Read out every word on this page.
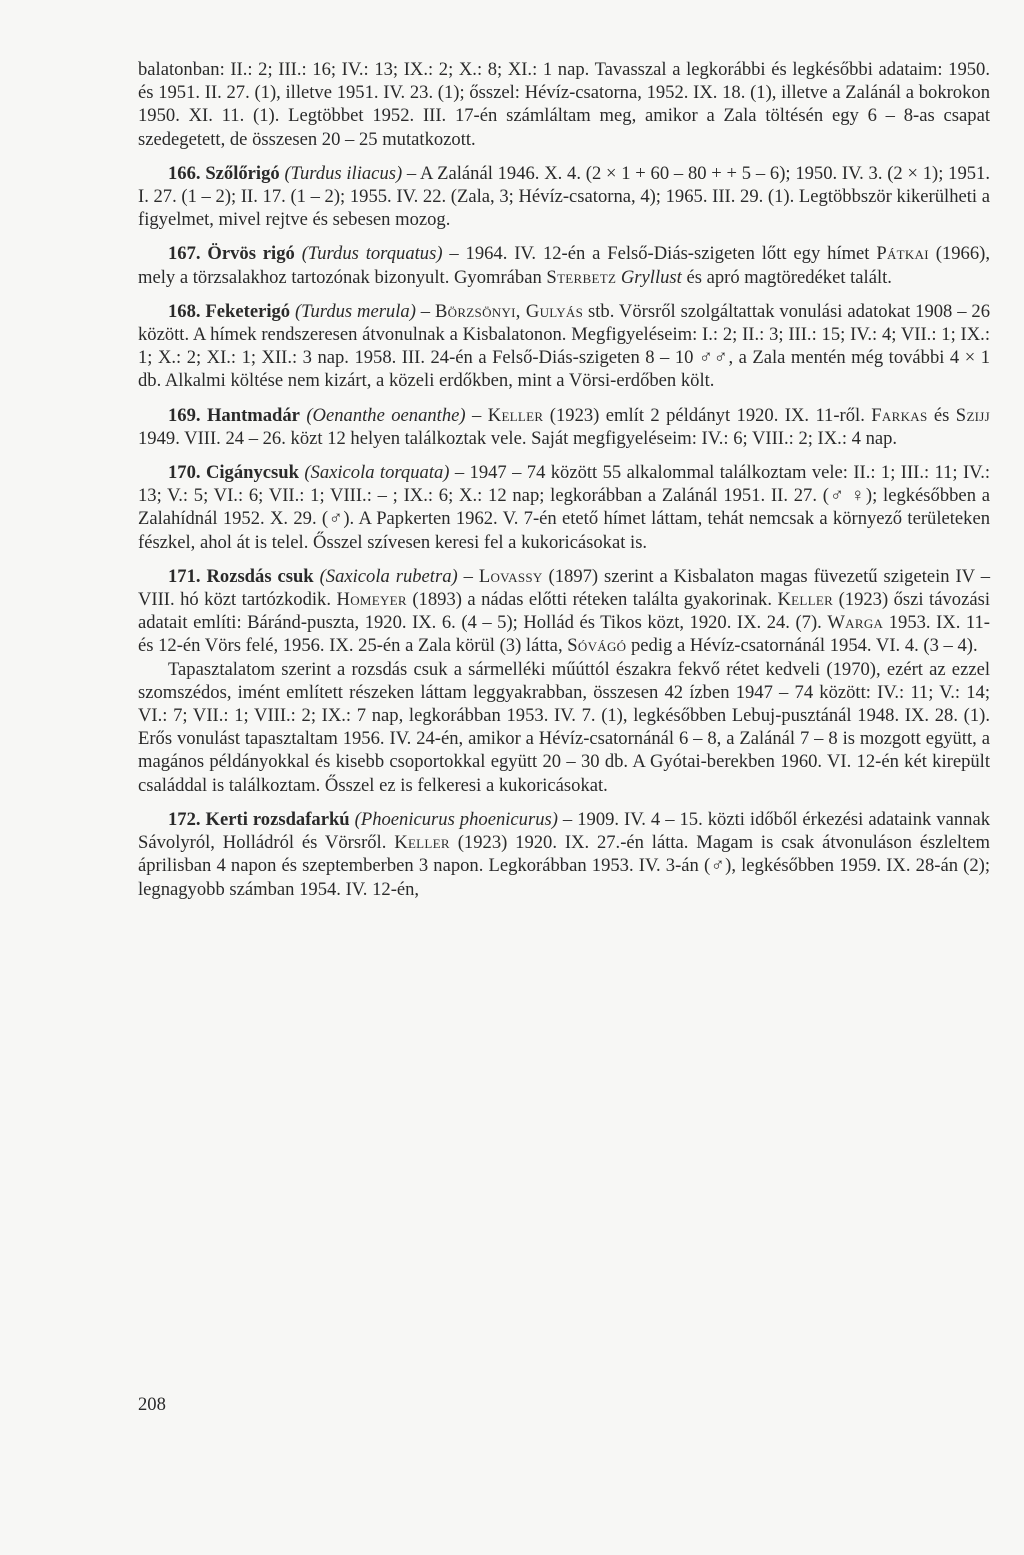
balatonban: II.: 2; III.: 16; IV.: 13; IX.: 2; X.: 8; XI.: 1 nap. Tavasszal a legkorábbi és legkésőbbi adataim: 1950. és 1951. II. 27. (1), illetve 1951. IV. 23. (1); ősszel: Hévíz-csatorna, 1952. IX. 18. (1), illetve a Zalánál a bokrokon 1950. XI. 11. (1). Legtöbbet 1952. III. 17-én számláltam meg, amikor a Zala töltésén egy 6 – 8-as csapat szedegetett, de összesen 20 – 25 mutatkozott.

166. Szőlőrigó (Turdus iliacus) – A Zalánál 1946. X. 4. (2 × 1 + 60 – 80 + + 5 – 6); 1950. IV. 3. (2 × 1); 1951. I. 27. (1 – 2); II. 17. (1 – 2); 1955. IV. 22. (Zala, 3; Hévíz-csatorna, 4); 1965. III. 29. (1). Legtöbbször kikerülheti a figyelmet, mivel rejtve és sebesen mozog.

167. Örvös rigó (Turdus torquatus) – 1964. IV. 12-én a Felső-Diás-szigeten lőtt egy hímet Pátkai (1966), mely a törzsalakhoz tartozónak bizonyult. Gyomrában Sterbetz Gryllust és apró magtöredéket talált.

168. Feketerigó (Turdus merula) – Börzsönyi, Gulyás stb. Vörsről szolgáltattak vonulási adatokat 1908 – 26 között. A hímek rendszeresen átvonulnak a Kisbalatonon. Megfigyeléseim: I.: 2; II.: 3; III.: 15; IV.: 4; VII.: 1; IX.: 1; X.: 2; XI.: 1; XII.: 3 nap. 1958. III. 24-én a Felső-Diás-szigeten 8 – 10 ♂♂, a Zala mentén még további 4 × 1 db. Alkalmi költése nem kizárt, a közeli erdőkben, mint a Vörsi-erdőben költ.

169. Hantmadár (Oenanthe oenanthe) – Keller (1923) említ 2 példányt 1920. IX. 11-ről. Farkas és Szijj 1949. VIII. 24 – 26. közt 12 helyen találkoztak vele. Saját megfigyeléseim: IV.: 6; VIII.: 2; IX.: 4 nap.

170. Cigánycsuk (Saxicola torquata) – 1947 – 74 között 55 alkalommal találkoztam vele: II.: 1; III.: 11; IV.: 13; V.: 5; VI.: 6; VII.: 1; VIII.: – ; IX.: 6; X.: 12 nap; legkorábban a Zalánál 1951. II. 27. (♂ ♀); legkésőbben a Zalahídnál 1952. X. 29. (♂). A Papkerten 1962. V. 7-én etető hímet láttam, tehát nemcsak a környező területeken fészkel, ahol át is telel. Ősszel szívesen keresi fel a kukoricásokat is.

171. Rozsdás csuk (Saxicola rubetra) – Lovassy (1897) szerint a Kisbalaton magas füvezetű szigetein IV – VIII. hó közt tartózkodik. Homeyer (1893) a nádas előtti réteken találta gyakorinak. Keller (1923) őszi távozási adatait említi: Báránd-puszta, 1920. IX. 6. (4 – 5); Hollád és Tikos közt, 1920. IX. 24. (7). Warga 1953. IX. 11- és 12-én Vörs felé, 1956. IX. 25-én a Zala körül (3) látta, Sóvágó pedig a Hévíz-csatornánál 1954. VI. 4. (3 – 4).

Tapasztalatom szerint a rozsdás csuk a sármelléki műúttól északra fekvő rétet kedveli (1970), ezért az ezzel szomszédos, imént említett részeken láttam leggyakrabban, összesen 42 ízben 1947 – 74 között: IV.: 11; V.: 14; VI.: 7; VII.: 1; VIII.: 2; IX.: 7 nap, legkorábban 1953. IV. 7. (1), legkésőbben Lebuj-pusztánál 1948. IX. 28. (1). Erős vonulást tapasztaltam 1956. IV. 24-én, amikor a Hévíz-csatornánál 6 – 8, a Zalánál 7 – 8 is mozgott együtt, a magános példányokkal és kisebb csoportokkal együtt 20 – 30 db. A Gyótai-berekben 1960. VI. 12-én két kirepült családdal is találkoztam. Ősszel ez is felkeresi a kukoricásokat.

172. Kerti rozsdafarkú (Phoenicurus phoenicurus) – 1909. IV. 4 – 15. közti időből érkezési adataink vannak Sávolyról, Holládról és Vörsről. Keller (1923) 1920. IX. 27.-én látta. Magam is csak átvonuláson észleltem áprilisban 4 napon és szeptemberben 3 napon. Legkorábban 1953. IV. 3-án (♂), legkésőbben 1959. IX. 28-án (2); legnagyobb számban 1954. IV. 12-én,

208
